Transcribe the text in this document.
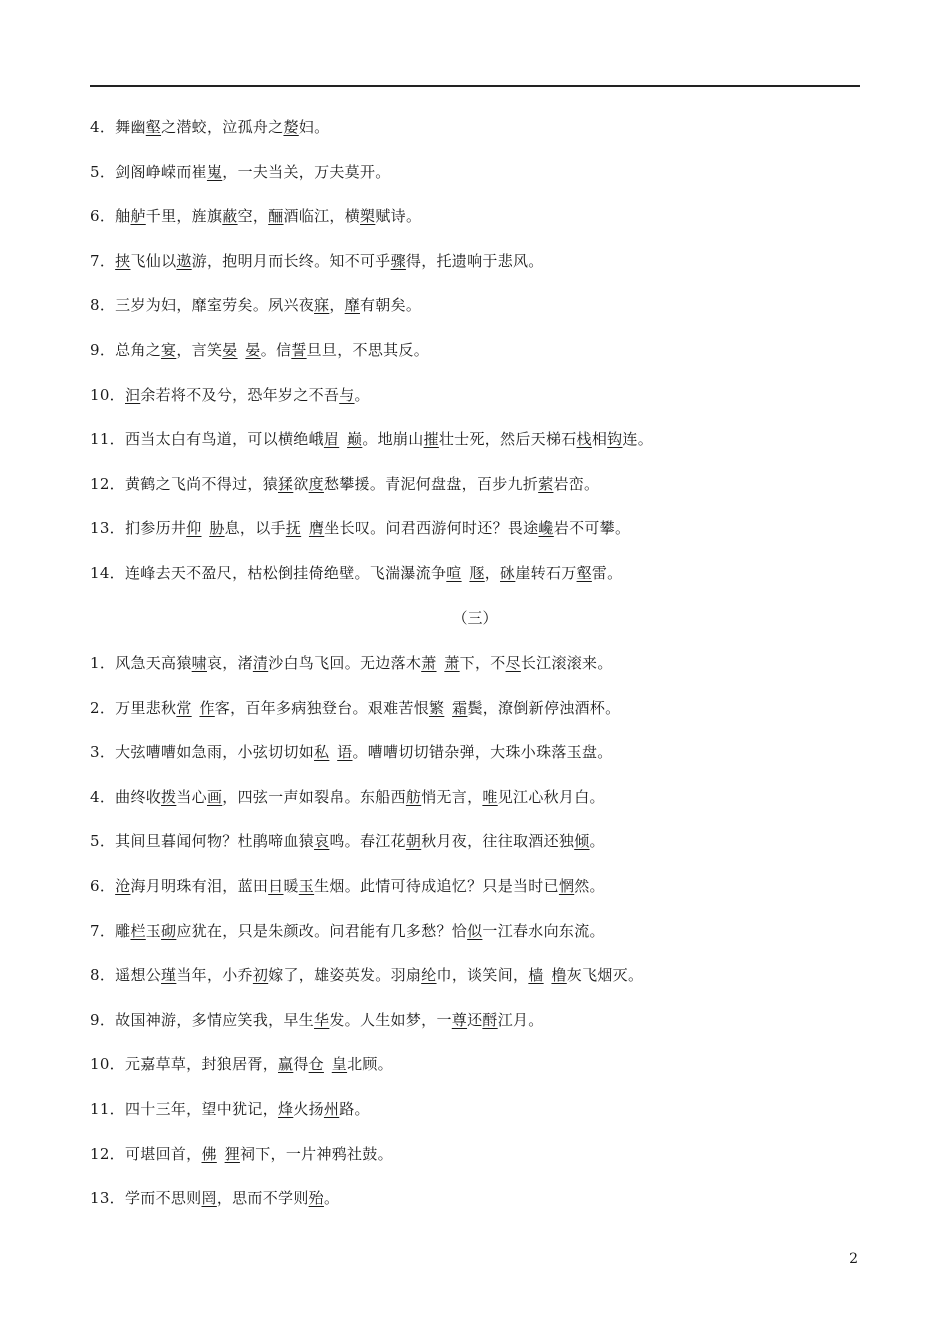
4．舞幽壑之潜蛟，泣孤舟之嫠妇。
5．剑阁峥嵘而崔嵬，一夫当关，万夫莫开。
6．舳舻千里，旌旗蔽空，酾酒临江，横槊赋诗。
7．挟飞仙以遨游，抱明月而长终。知不可乎骤得，托遗响于悲风。
8．三岁为妇，靡室劳矣。夙兴夜寐，靡有朝矣。
9．总角之宴，言笑晏  晏。信誓旦旦，不思其反。
10．汩余若将不及兮，恐年岁之不吾与。
11．西当太白有鸟道，可以横绝峨眉  巅。地崩山摧壮士死，然后天梯石栈相钩连。
12．黄鹤之飞尚不得过，猿猱欲度愁攀援。青泥何盘盘，百步九折萦岩峦。
13．扪参历井仰  胁息，以手抚  膺坐长叹。问君西游何时还？畏途巉岩不可攀。
14．连峰去天不盈尺，枯松倒挂倚绝壁。飞湍瀑流争喧  豗，砯崖转石万壑雷。
（三）
1．风急天高猿啸哀，渚清沙白鸟飞回。无边落木萧  萧下，不尽长江滚滚来。
2．万里悲秋常  作客，百年多病独登台。艰难苦恨繁  霜鬓，潦倒新停浊酒杯。
3．大弦嘈嘈如急雨，小弦切切如私  语。嘈嘈切切错杂弹，大珠小珠落玉盘。
4．曲终收拨当心画，四弦一声如裂帛。东船西舫悄无言，唯见江心秋月白。
5．其间旦暮闻何物？杜鹃啼血猿哀鸣。春江花朝秋月夜，往往取酒还独倾。
6．沧海月明珠有泪，蓝田日暖玉生烟。此情可待成追忆？只是当时已惘然。
7．雕栏玉砌应犹在，只是朱颜改。问君能有几多愁？恰似一江春水向东流。
8．遥想公瑾当年，小乔初嫁了，雄姿英发。羽扇纶巾，谈笑间，樯  橹灰飞烟灭。
9．故国神游，多情应笑我，早生华发。人生如梦，一尊还酹江月。
10．元嘉草草，封狼居胥，赢得仓  皇北顾。
11．四十三年，望中犹记，烽火扬州路。
12．可堪回首，佛  狸祠下，一片神鸦社鼓。
13．学而不思则罔，思而不学则殆。
2
